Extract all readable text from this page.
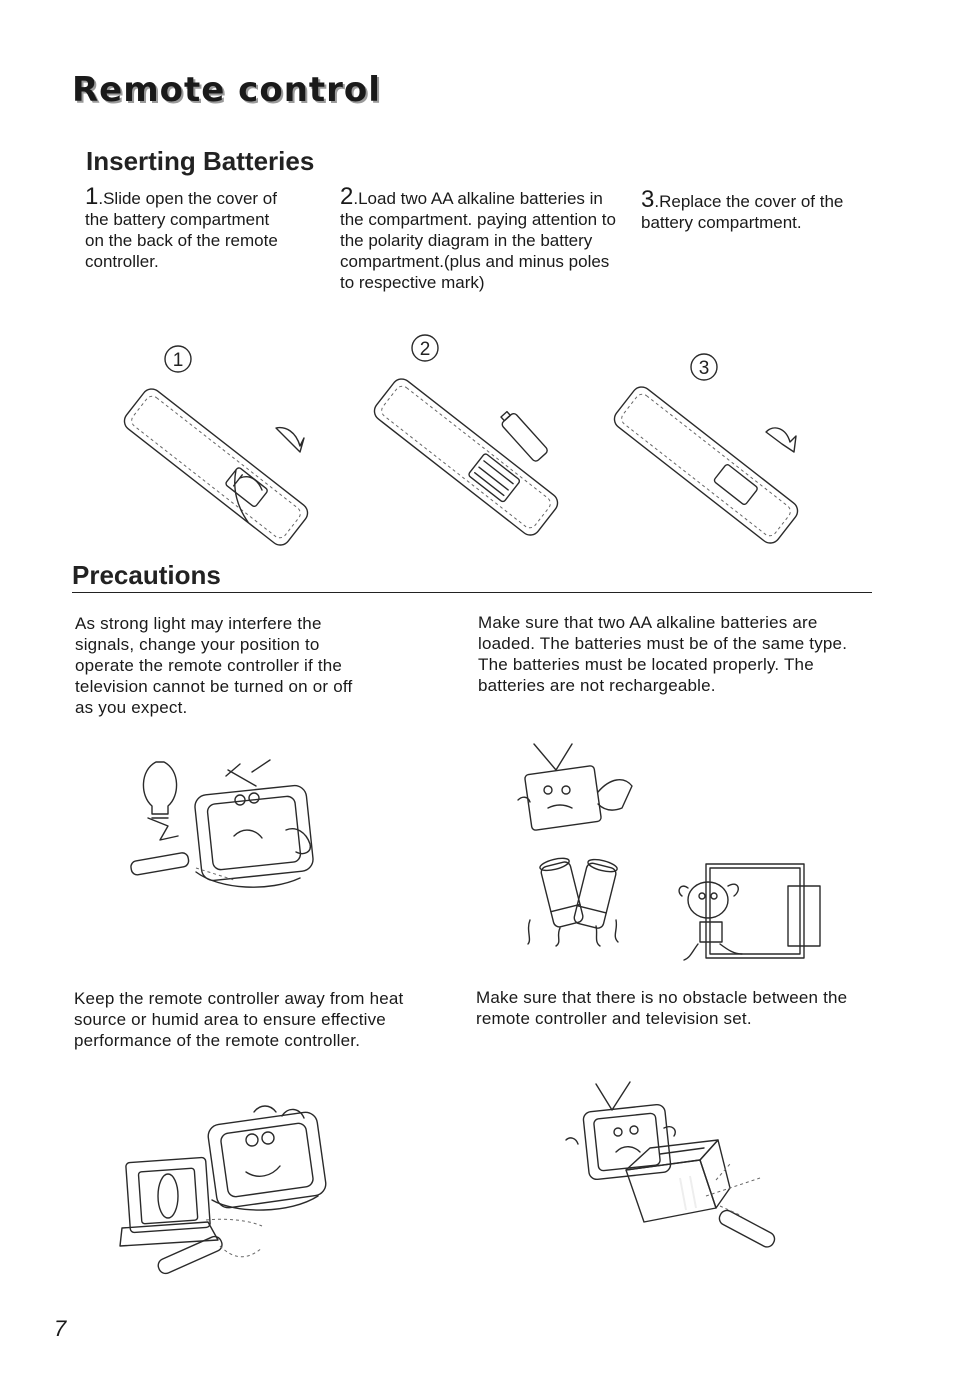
Remote control
Inserting Batteries
1.Slide open the cover of the battery compartment on the back of the remote controller.
2.Load two AA alkaline batteries in the compartment. paying attention to the polarity diagram in the battery compartment.(plus and minus poles to respective mark)
3.Replace the cover of the battery compartment.
1
2
3
Precautions
As strong light may interfere the signals, change your position to operate the remote controller if the television cannot be turned on or off as you expect.
Make sure that two AA alkaline batteries are loaded. The batteries must be of the same type. The batteries must be located properly. The batteries are not rechargeable.
Keep the remote controller away from heat source or humid area to ensure effective performance of the remote controller.
Make sure that there is no obstacle between the remote controller and television set.
7
